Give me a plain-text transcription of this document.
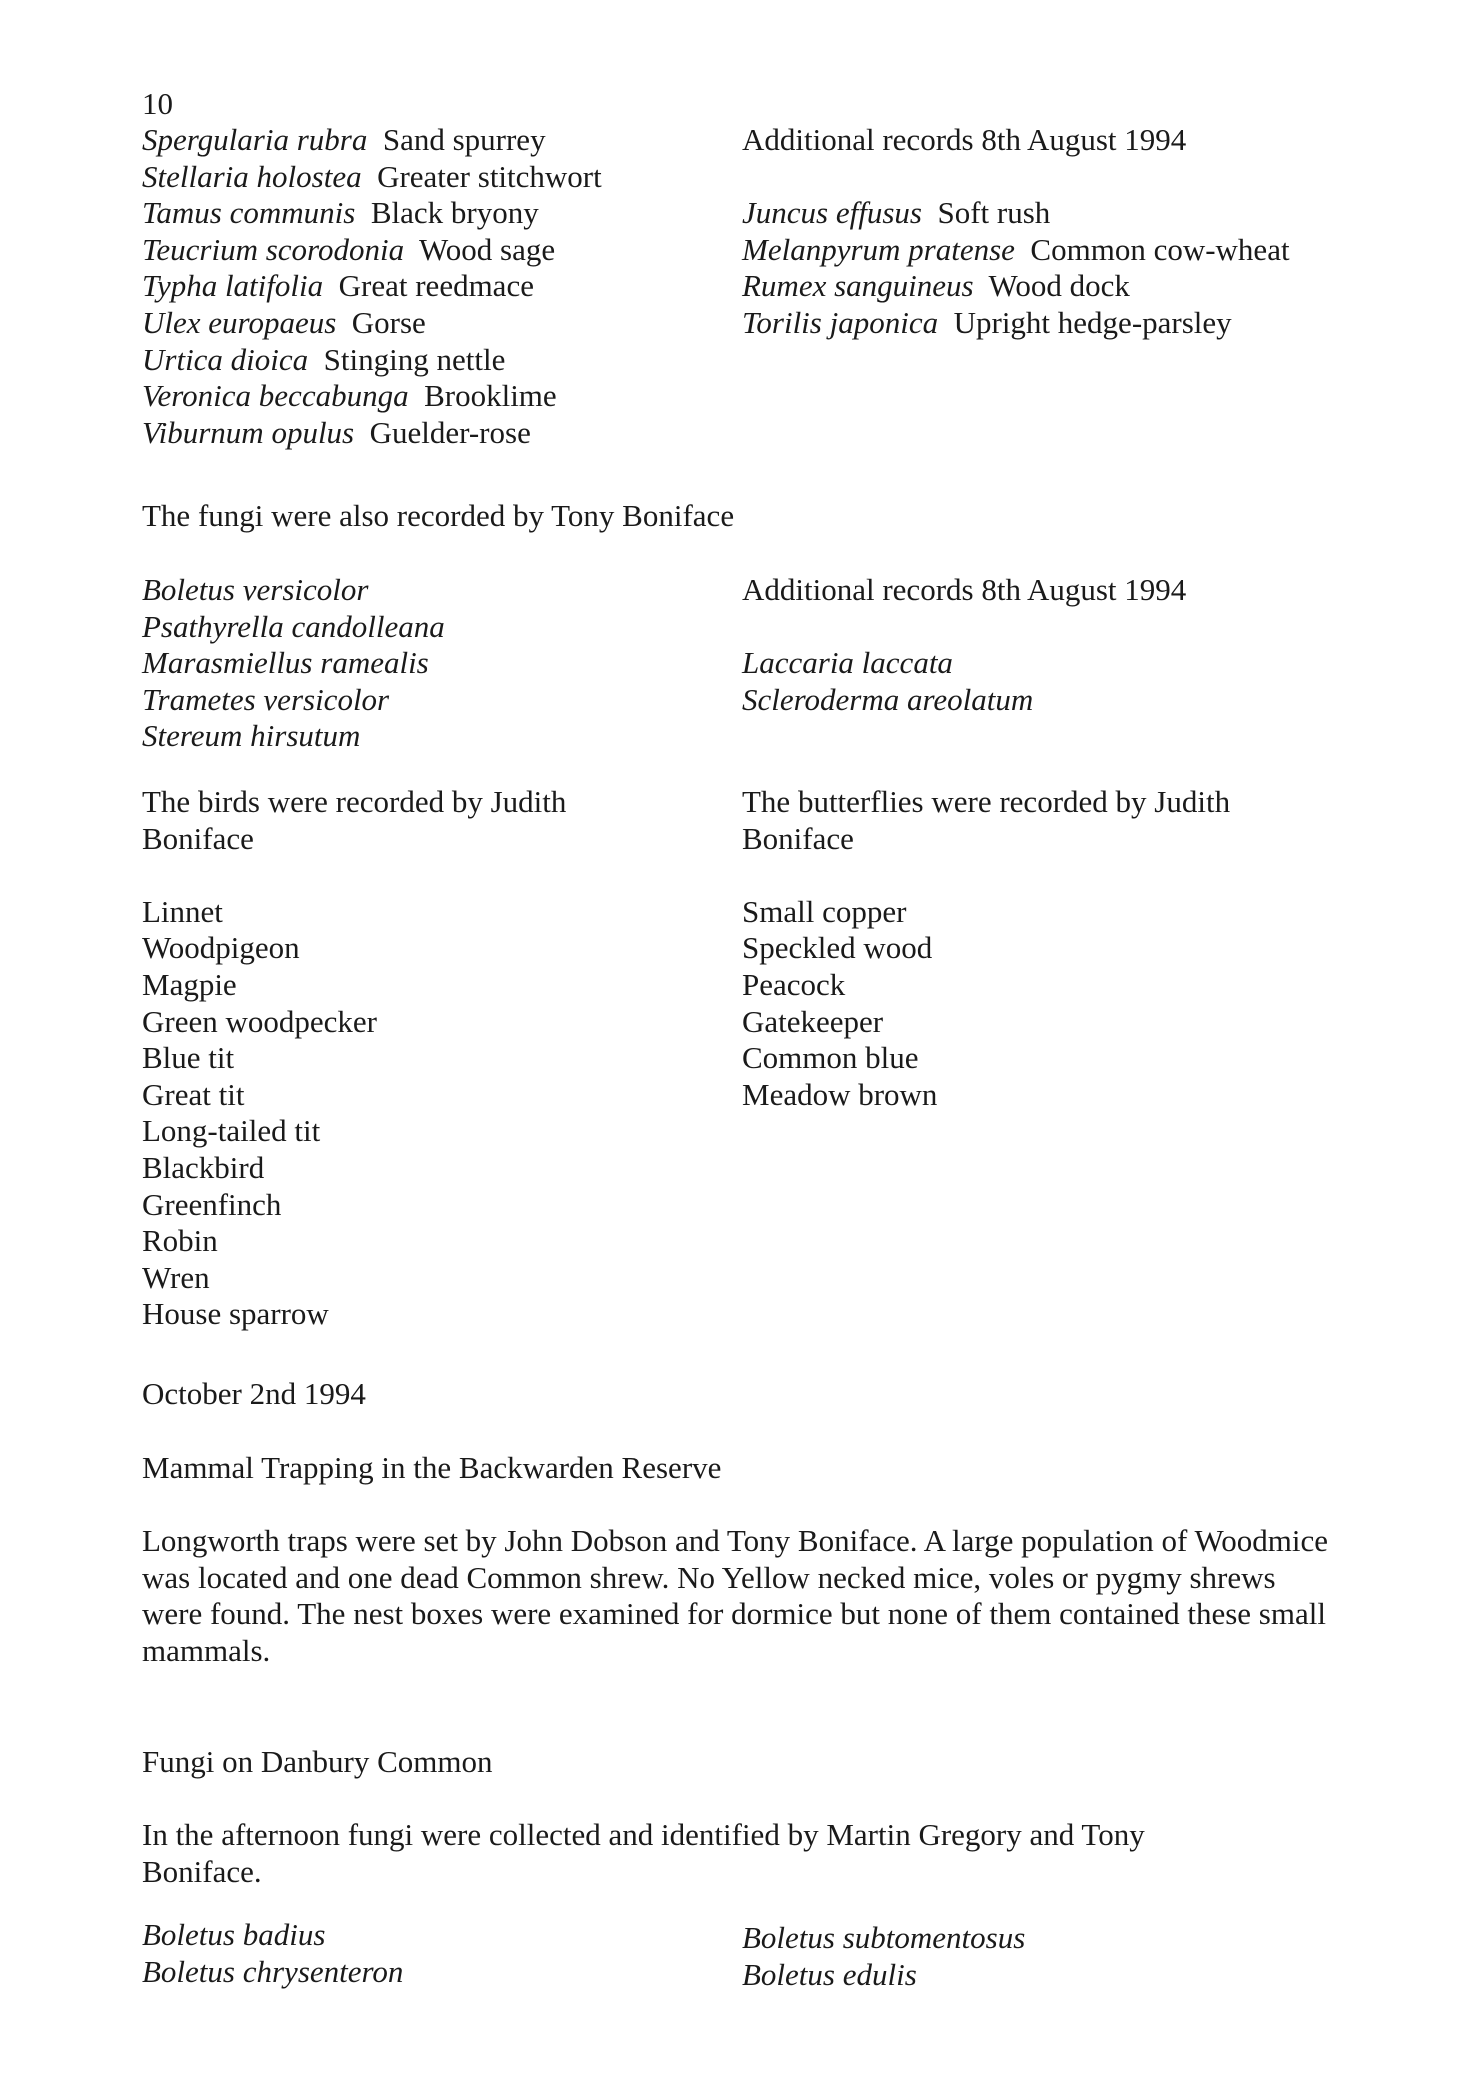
10
Spergularia rubra Sand spurrey
Stellaria holostea Greater stitchwort
Tamus communis Black bryony
Teucrium scorodonia Wood sage
Typha latifolia Great reedmace
Ulex europaeus Gorse
Urtica dioica Stinging nettle
Veronica beccabunga Brooklime
Viburnum opulus Guelder-rose
Additional records 8th August 1994
Juncus effusus Soft rush
Melanpyrum pratense Common cow-wheat
Rumex sanguineus Wood dock
Torilis japonica Upright hedge-parsley
The fungi were also recorded by Tony Boniface
Boletus versicolor
Psathyrella candolleana
Marasmiellus ramealis
Trametes versicolor
Stereum hirsutum
Additional records 8th August 1994
Laccaria laccata
Scleroderma areolatum
The birds were recorded by Judith
Boniface
Linnet
Woodpigeon
Magpie
Green woodpecker
Blue tit
Great tit
Long-tailed tit
Blackbird
Greenfinch
Robin
Wren
House sparrow
The butterflies were recorded by Judith
Boniface
Small copper
Speckled wood
Peacock
Gatekeeper
Common blue
Meadow brown
October 2nd 1994
Mammal Trapping in the Backwarden Reserve
Longworth traps were set by John Dobson and Tony Boniface. A large population of Woodmice was located and one dead Common shrew. No Yellow necked mice, voles or pygmy shrews were found. The nest boxes were examined for dormice but none of them contained these small mammals.
Fungi on Danbury Common
In the afternoon fungi were collected and identified by Martin Gregory and Tony Boniface.
Boletus badius
Boletus chrysenteron
Boletus subtomentosus
Boletus edulis
